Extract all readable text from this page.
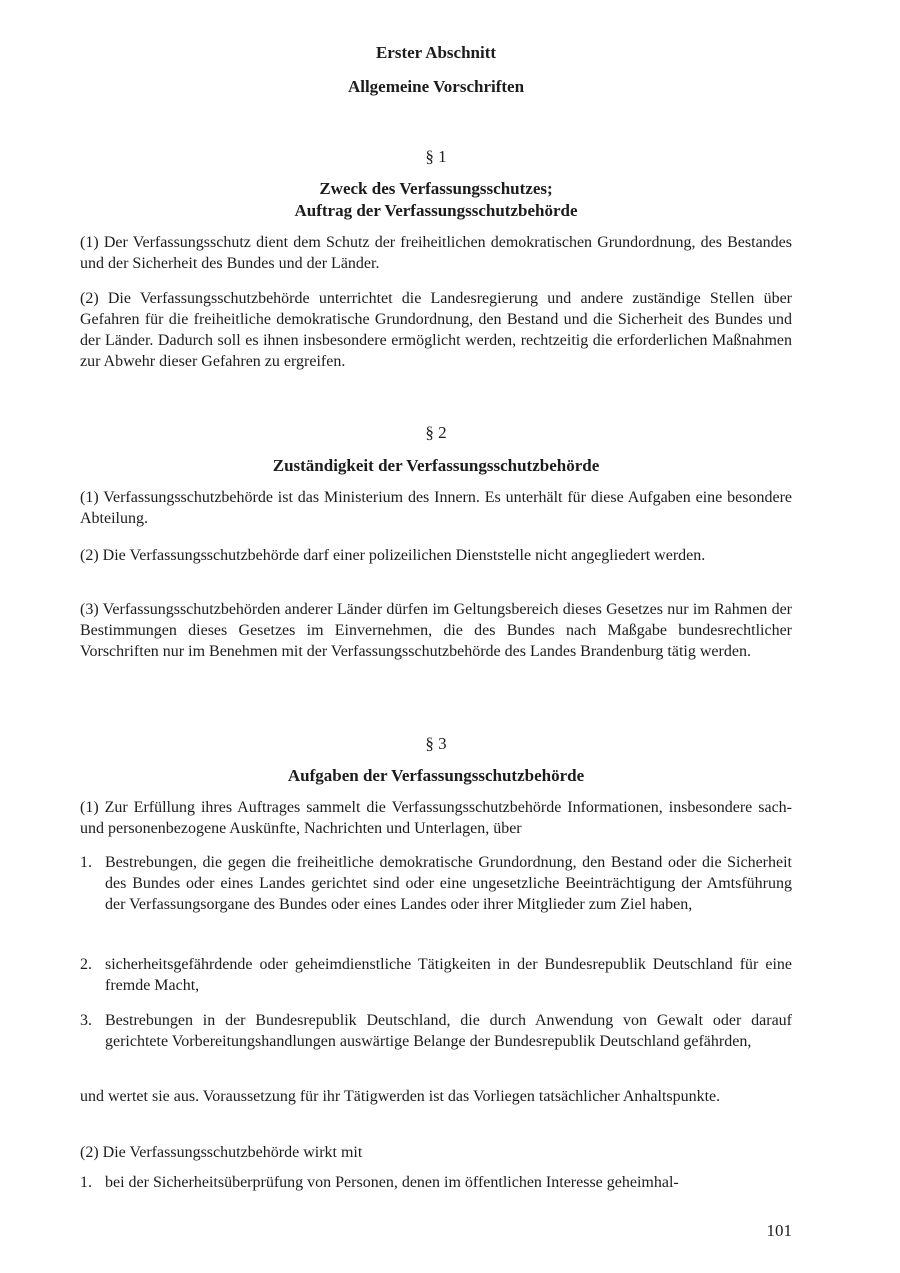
Erster Abschnitt
Allgemeine Vorschriften
§ 1
Zweck des Verfassungsschutzes;
Auftrag der Verfassungsschutzbehörde

(1) Der Verfassungsschutz dient dem Schutz der freiheitlichen demokratischen Grundordnung, des Bestandes und der Sicherheit des Bundes und der Länder.

(2) Die Verfassungsschutzbehörde unterrichtet die Landesregierung und andere zuständige Stellen über Gefahren für die freiheitliche demokratische Grundordnung, den Bestand und die Sicherheit des Bundes und der Länder. Dadurch soll es ihnen insbesondere ermöglicht werden, rechtzeitig die erforderlichen Maßnahmen zur Abwehr dieser Gefahren zu ergreifen.

§ 2
Zuständigkeit der Verfassungsschutzbehörde

(1) Verfassungsschutzbehörde ist das Ministerium des Innern. Es unterhält für diese Aufgaben eine besondere Abteilung.

(2) Die Verfassungsschutzbehörde darf einer polizeilichen Dienststelle nicht angegliedert werden.

(3) Verfassungsschutzbehörden anderer Länder dürfen im Geltungsbereich dieses Gesetzes nur im Rahmen der Bestimmungen dieses Gesetzes im Einvernehmen, die des Bundes nach Maßgabe bundesrechtlicher Vorschriften nur im Benehmen mit der Verfassungsschutzbehörde des Landes Brandenburg tätig werden.

§ 3
Aufgaben der Verfassungsschutzbehörde

(1) Zur Erfüllung ihres Auftrages sammelt die Verfassungsschutzbehörde Informationen, insbesondere sach- und personenbezogene Auskünfte, Nachrichten und Unterlagen, über

1. Bestrebungen, die gegen die freiheitliche demokratische Grundordnung, den Bestand oder die Sicherheit des Bundes oder eines Landes gerichtet sind oder eine ungesetzliche Beeinträchtigung der Amtsführung der Verfassungsorgane des Bundes oder eines Landes oder ihrer Mitglieder zum Ziel haben,
2. sicherheitsgefährdende oder geheimdienstliche Tätigkeiten in der Bundesrepublik Deutschland für eine fremde Macht,
3. Bestrebungen in der Bundesrepublik Deutschland, die durch Anwendung von Gewalt oder darauf gerichtete Vorbereitungshandlungen auswärtige Belange der Bundesrepublik Deutschland gefährden,

und wertet sie aus. Voraussetzung für ihr Tätigwerden ist das Vorliegen tatsächlicher Anhaltspunkte.

(2) Die Verfassungsschutzbehörde wirkt mit

1. bei der Sicherheitsüberprüfung von Personen, denen im öffentlichen Interesse geheimhal-
101
